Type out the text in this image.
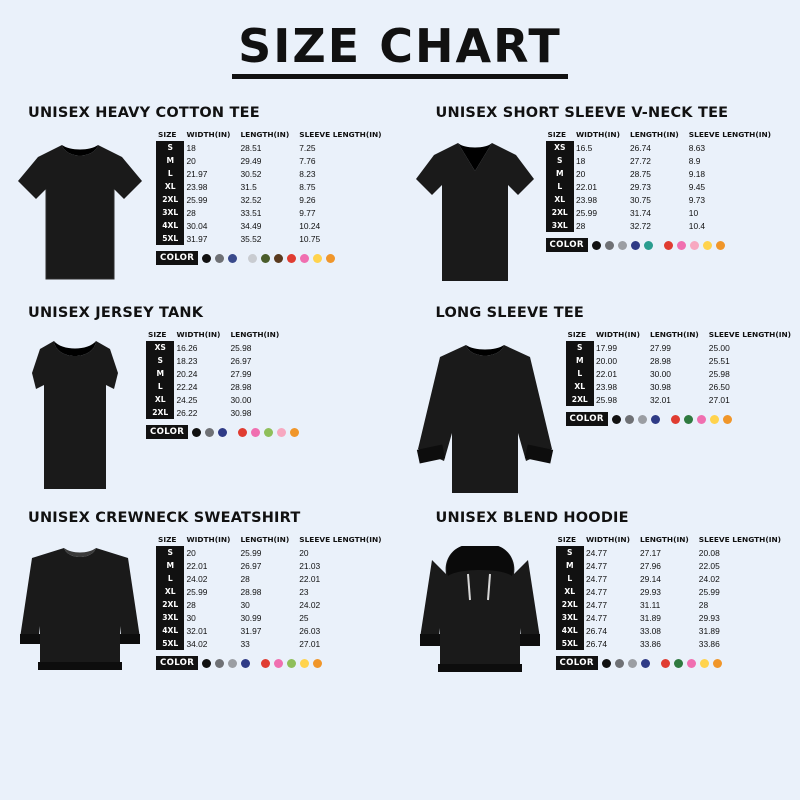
SIZE CHART
UNISEX HEAVY COTTON TEE
SIZE	WIDTH(IN)	LENGTH(IN)	SLEEVE LENGTH(IN)
S	18	28.51	7.25
M	20	29.49	7.76
L	21.97	30.52	8.23
XL	23.98	31.5	8.75
2XL	25.99	32.52	9.26
3XL	28	33.51	9.77
4XL	30.04	34.49	10.24
5XL	31.97	35.52	10.75
COLOR
UNISEX SHORT SLEEVE V-NECK TEE
SIZE	WIDTH(IN)	LENGTH(IN)	SLEEVE LENGTH(IN)
XS	16.5	26.74	8.63
S	18	27.72	8.9
M	20	28.75	9.18
L	22.01	29.73	9.45
XL	23.98	30.75	9.73
2XL	25.99	31.74	10
3XL	28	32.72	10.4
COLOR
UNISEX JERSEY TANK
SIZE	WIDTH(IN)	LENGTH(IN)
XS	16.26	25.98
S	18.23	26.97
M	20.24	27.99
L	22.24	28.98
XL	24.25	30.00
2XL	26.22	30.98
COLOR
LONG SLEEVE TEE
SIZE	WIDTH(IN)	LENGTH(IN)	SLEEVE LENGTH(IN)
S	17.99	27.99	25.00
M	20.00	28.98	25.51
L	22.01	30.00	25.98
XL	23.98	30.98	26.50
2XL	25.98	32.01	27.01
COLOR
UNISEX CREWNECK SWEATSHIRT
SIZE	WIDTH(IN)	LENGTH(IN)	SLEEVE LENGTH(IN)
S	20	25.99	20
M	22.01	26.97	21.03
L	24.02	28	22.01
XL	25.99	28.98	23
2XL	28	30	24.02
3XL	30	30.99	25
4XL	32.01	31.97	26.03
5XL	34.02	33	27.01
COLOR
UNISEX BLEND HOODIE
SIZE	WIDTH(IN)	LENGTH(IN)	SLEEVE LENGTH(IN)
S	24.77	27.17	20.08
M	24.77	27.96	22.05
L	24.77	29.14	24.02
XL	24.77	29.93	25.99
2XL	24.77	31.11	28
3XL	24.77	31.89	29.93
4XL	26.74	33.08	31.89
5XL	26.74	33.86	33.86
COLOR
